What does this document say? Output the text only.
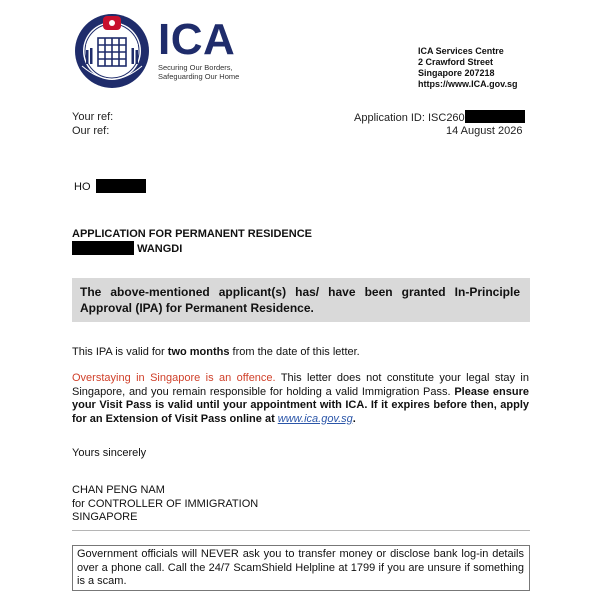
ICA
Securing Our Borders,
Safeguarding Our Home
ICA Services Centre
2 Crawford Street
Singapore 207218
https://www.ICA.gov.sg
Your ref:
Our ref:
Application ID: ISC260
14 August 2026
HO
APPLICATION FOR PERMANENT RESIDENCE
WANGDI
The above-mentioned applicant(s) has/ have been granted In-Principle Approval (IPA) for Permanent Residence.
This IPA is valid for two months from the date of this letter.
Overstaying in Singapore is an offence. This letter does not constitute your legal stay in Singapore, and you remain responsible for holding a valid Immigration Pass. Please ensure your Visit Pass is valid until your appointment with ICA. If it expires before then, apply for an Extension of Visit Pass online at www.ica.gov.sg.
Yours sincerely
CHAN PENG NAM
for CONTROLLER OF IMMIGRATION
SINGAPORE
Government officials will NEVER ask you to transfer money or disclose bank log-in details over a phone call. Call the 24/7 ScamShield Helpline at 1799 if you are unsure if something is a scam.
